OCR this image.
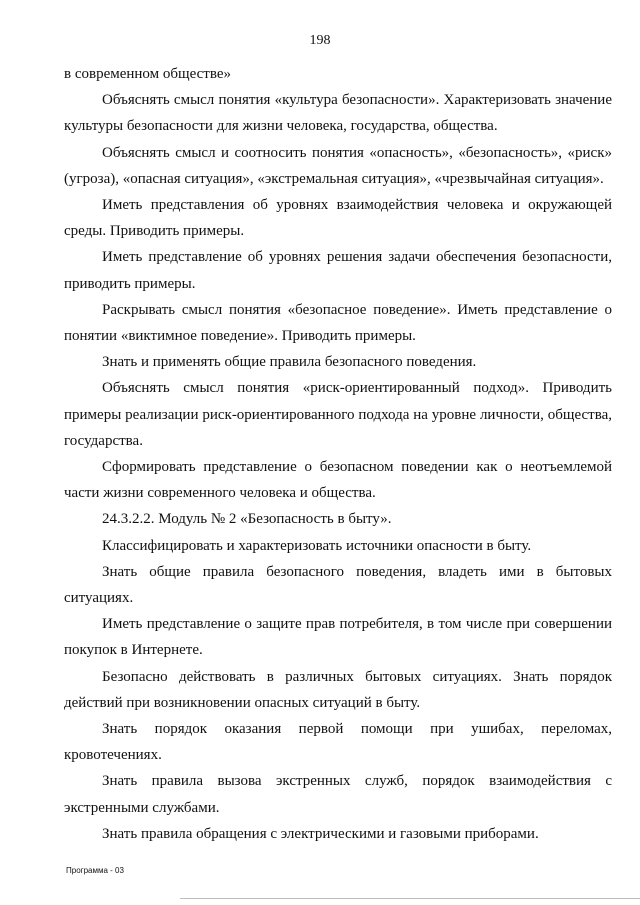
198

в современном обществе»

Объяснять смысл понятия «культура безопасности». Характеризовать значение культуры безопасности для жизни человека, государства, общества.

Объяснять смысл и соотносить понятия «опасность», «безопасность», «риск» (угроза), «опасная ситуация», «экстремальная ситуация», «чрезвычайная ситуация».

Иметь представления об уровнях взаимодействия человека и окружающей среды. Приводить примеры.

Иметь представление об уровнях решения задачи обеспечения безопасности, приводить примеры.

Раскрывать смысл понятия «безопасное поведение». Иметь представление о понятии «виктимное поведение». Приводить примеры.

Знать и применять общие правила безопасного поведения.

Объяснять смысл понятия «риск-ориентированный подход». Приводить примеры реализации риск-ориентированного подхода на уровне личности, общества, государства.

Сформировать представление о безопасном поведении как о неотъемлемой части жизни современного человека и общества.

24.3.2.2. Модуль № 2 «Безопасность в быту».

Классифицировать и характеризовать источники опасности в быту.

Знать общие правила безопасного поведения, владеть ими в бытовых ситуациях.

Иметь представление о защите прав потребителя, в том числе при совершении покупок в Интернете.

Безопасно действовать в различных бытовых ситуациях. Знать порядок действий при возникновении опасных ситуаций в быту.

Знать порядок оказания первой помощи при ушибах, переломах, кровотечениях.

Знать правила вызова экстренных служб, порядок взаимодействия с экстренными службами.

Знать правила обращения с электрическими и газовыми приборами.

Программа - 03
